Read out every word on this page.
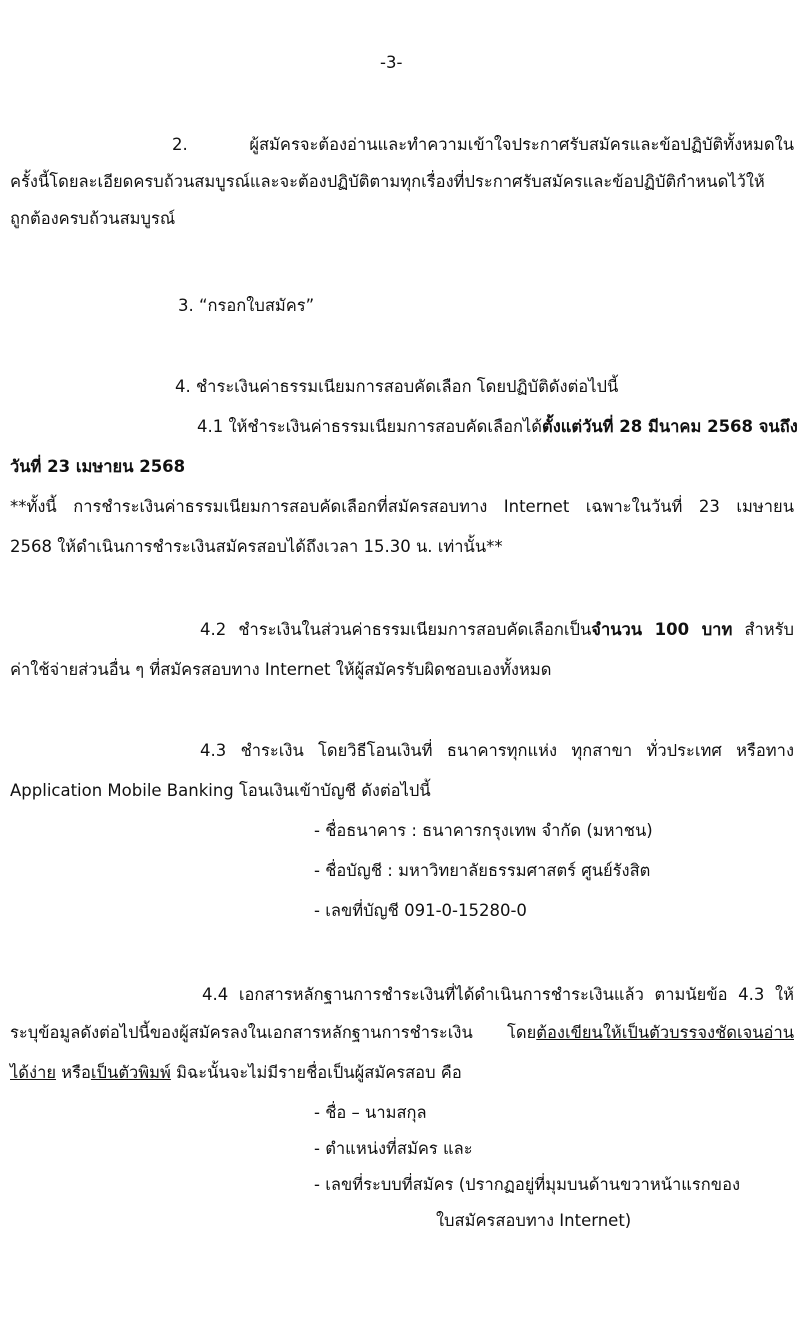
-3-
2. ผู้สมัครจะต้องอ่านและทำความเข้าใจประกาศรับสมัครและข้อปฏิบัติทั้งหมดใน
ครั้งนี้โดยละเอียดครบถ้วนสมบูรณ์และจะต้องปฏิบัติตามทุกเรื่องที่ประกาศรับสมัครและข้อปฏิบัติกำหนดไว้ให้
ถูกต้องครบถ้วนสมบูรณ์
3. “กรอกใบสมัคร”
4. ชำระเงินค่าธรรมเนียมการสอบคัดเลือก โดยปฏิบัติดังต่อไปนี้
4.1 ให้ชำระเงินค่าธรรมเนียมการสอบคัดเลือกได้ตั้งแต่วันที่ 28 มีนาคม 2568 จนถึง
วันที่ 23 เมษายน 2568
**ทั้งนี้ การชำระเงินค่าธรรมเนียมการสอบคัดเลือกที่สมัครสอบทาง Internet เฉพาะในวันที่ 23 เมษายน
2568 ให้ดำเนินการชำระเงินสมัครสอบได้ถึงเวลา 15.30 น. เท่านั้น**
4.2 ชำระเงินในส่วนค่าธรรมเนียมการสอบคัดเลือกเป็นจำนวน 100 บาท สำหรับ
ค่าใช้จ่ายส่วนอื่น ๆ ที่สมัครสอบทาง Internet ให้ผู้สมัครรับผิดชอบเองทั้งหมด
4.3 ชำระเงิน โดยวิธีโอนเงินที่ ธนาคารทุกแห่ง ทุกสาขา ทั่วประเทศ หรือทาง
Application Mobile Banking โอนเงินเข้าบัญชี ดังต่อไปนี้
- ชื่อธนาคาร : ธนาคารกรุงเทพ จำกัด (มหาชน)
- ชื่อบัญชี : มหาวิทยาลัยธรรมศาสตร์ ศูนย์รังสิต
- เลขที่บัญชี 091-0-15280-0
4.4 เอกสารหลักฐานการชำระเงินที่ได้ดำเนินการชำระเงินแล้ว ตามนัยข้อ 4.3 ให้
ระบุข้อมูลดังต่อไปนี้ของผู้สมัครลงในเอกสารหลักฐานการชำระเงิน โดยต้องเขียนให้เป็นตัวบรรจงชัดเจนอ่าน
ได้ง่าย หรือเป็นตัวพิมพ์ มิฉะนั้นจะไม่มีรายชื่อเป็นผู้สมัครสอบ คือ
- ชื่อ – นามสกุล
- ตำแหน่งที่สมัคร และ
- เลขที่ระบบที่สมัคร (ปรากฏอยู่ที่มุมบนด้านขวาหน้าแรกของ
ใบสมัครสอบทาง Internet)
